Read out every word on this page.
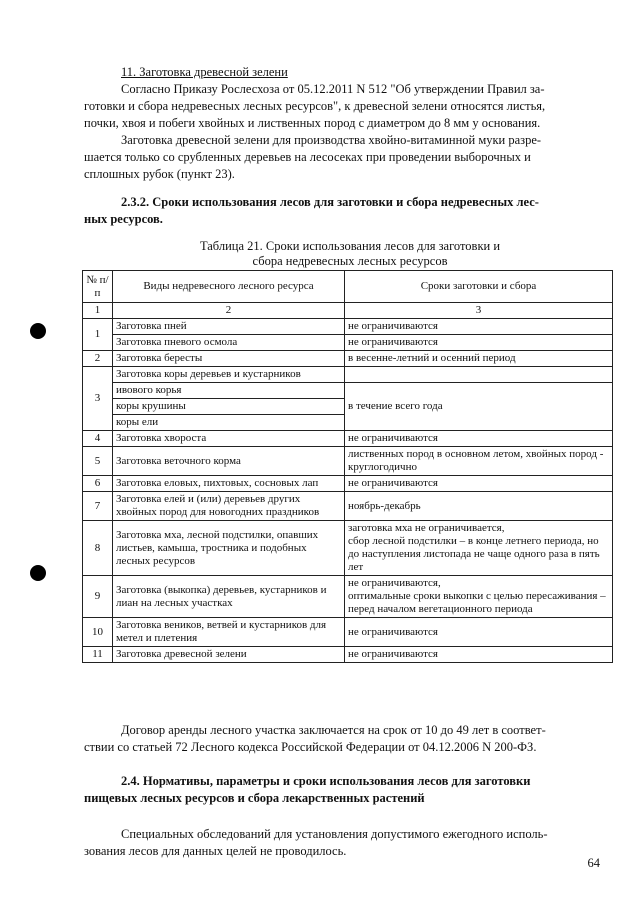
11. Заготовка древесной зелени
Согласно Приказу Рослесхоза от 05.12.2011 N 512 "Об утверждении Правил за-
готовки и сбора недревесных лесных ресурсов", к древесной зелени относятся листья,
почки, хвоя и побеги хвойных и лиственных пород с диаметром до 8 мм у основания.
Заготовка древесной зелени для производства хвойно-витаминной муки разре-
шается только со срубленных деревьев на лесосеках при проведении выборочных и
сплошных рубок (пункт 23).
2.3.2. Сроки использования лесов для заготовки и сбора недревесных лес-
ных ресурсов.
Таблица 21. Сроки использования лесов для заготовки и
сбора недревесных лесных ресурсов
№ п/п	Виды недревесного лесного ресурса	Сроки заготовки и сбора
1	2	3
1	Заготовка пней	не ограничиваются
	Заготовка пневого осмола	не ограничиваются
2	Заготовка бересты	в весенне-летний и осенний период
3	Заготовка коры деревьев и кустарников	
	ивового корья	в течение всего года
	коры крушины	
	коры ели	
4	Заготовка хвороста	не ограничиваются
5	Заготовка веточного корма	лиственных пород в основном летом, хвойных пород - круглогодично
6	Заготовка еловых, пихтовых, сосновых лап	не ограничиваются
7	Заготовка елей и (или) деревьев других хвойных пород для новогодних праздников	ноябрь-декабрь
8	Заготовка мха, лесной подстилки, опавших листьев, камыша, тростника и подобных лесных ресурсов	заготовка мха не ограничивается,
сбор лесной подстилки – в конце летнего периода, но до наступления листопада не чаще одного раза в пять лет

9	Заготовка (выкопка) деревьев, кустарников и лиан на лесных участках	не ограничиваются,
оптимальные сроки выкопки с целью пересаживания – перед началом вегетационного периода

10	Заготовка веников, ветвей и кустарников для метел и плетения	не ограничиваются
11	Заготовка древесной зелени	не ограничиваются
Договор аренды лесного участка заключается на срок от 10 до 49 лет в соответ-
ствии со статьей 72 Лесного кодекса Российской Федерации от 04.12.2006 N 200-ФЗ.
2.4. Нормативы, параметры и сроки использования лесов для заготовки
пищевых лесных ресурсов и сбора лекарственных растений
Специальных обследований для установления допустимого ежегодного исполь-
зования лесов для данных целей не проводилось.
64
